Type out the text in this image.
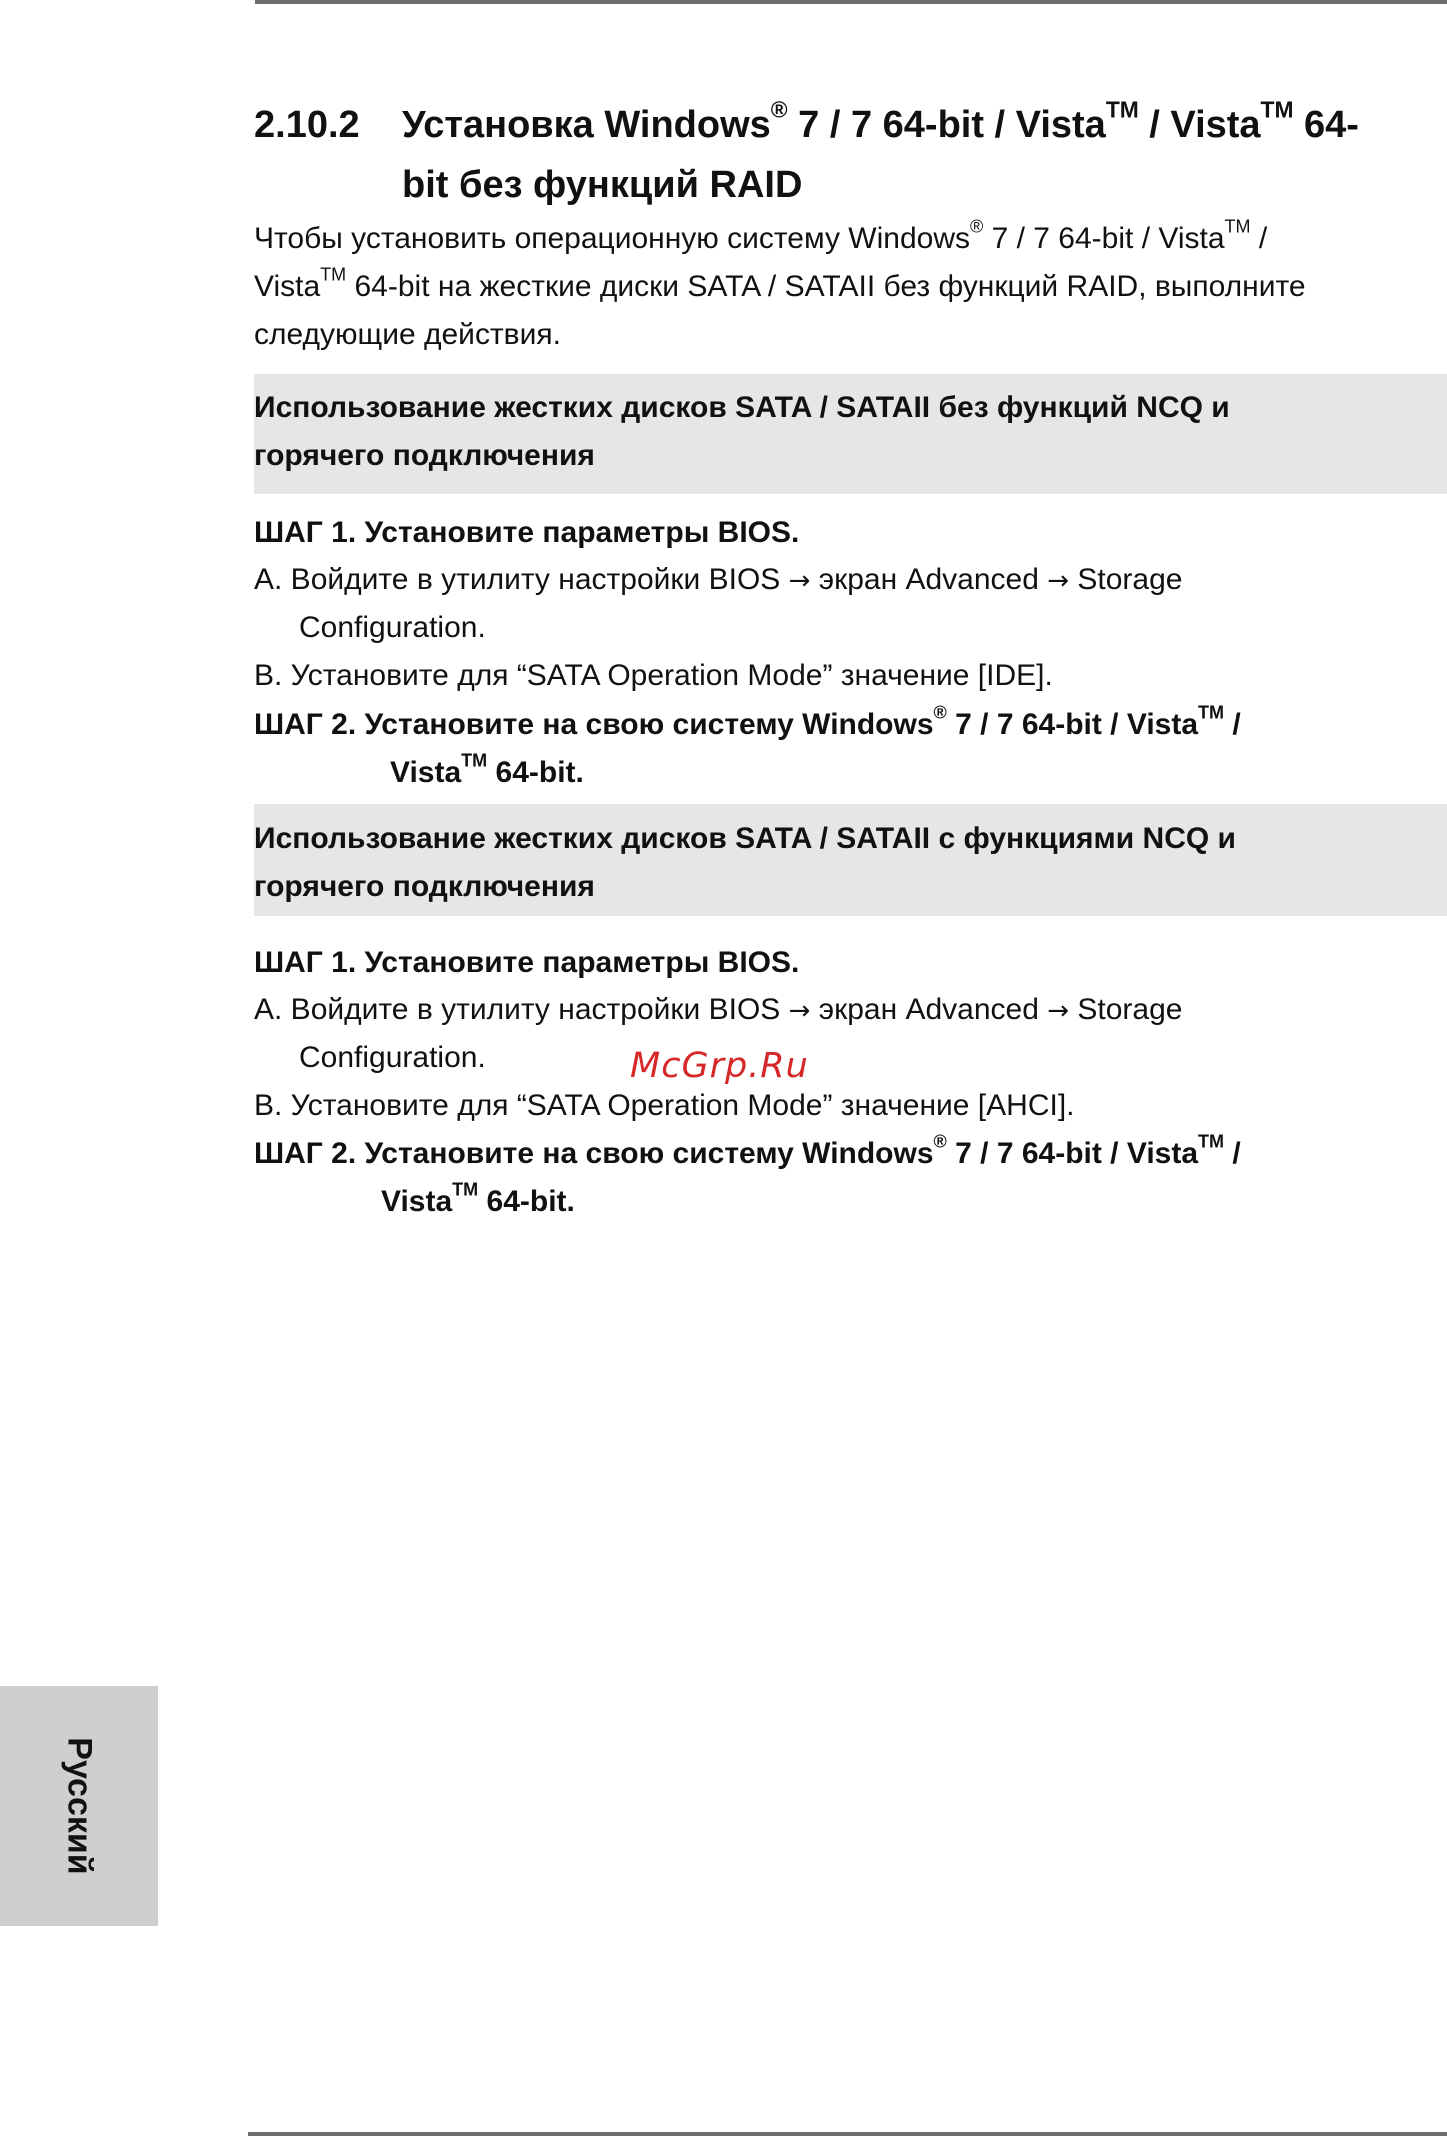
2.10.2 Установка Windows® 7 / 7 64-bit / Vista™ / Vista™ 64-
bit без функций RAID
Чтобы установить операционную систему Windows® 7 / 7 64-bit / Vista™ /
Vista™ 64-bit на жесткие диски SATA / SATAII без функций RAID, выполните
следующие действия.
Использование жестких дисков SATA / SATAII без функций NCQ и
горячего подключения
ШАГ 1. Установите параметры BIOS.
A. Войдите в утилиту настройки BIOS → экран Advanced → Storage
Configuration.
B. Установите для “SATA Operation Mode” значение [IDE].
ШАГ 2. Установите на свою систему Windows® 7 / 7 64-bit / Vista™ /
Vista™ 64-bit.
Использование жестких дисков SATA / SATAII с функциями NCQ и
горячего подключения
ШАГ 1. Установите параметры BIOS.
A. Войдите в утилиту настройки BIOS → экран Advanced → Storage
Configuration.
B. Установите для “SATA Operation Mode” значение [AHCI].
ШАГ 2. Установите на свою систему Windows® 7 / 7 64-bit / Vista™ /
Vista™ 64-bit.
McGrp.Ru
Русский
